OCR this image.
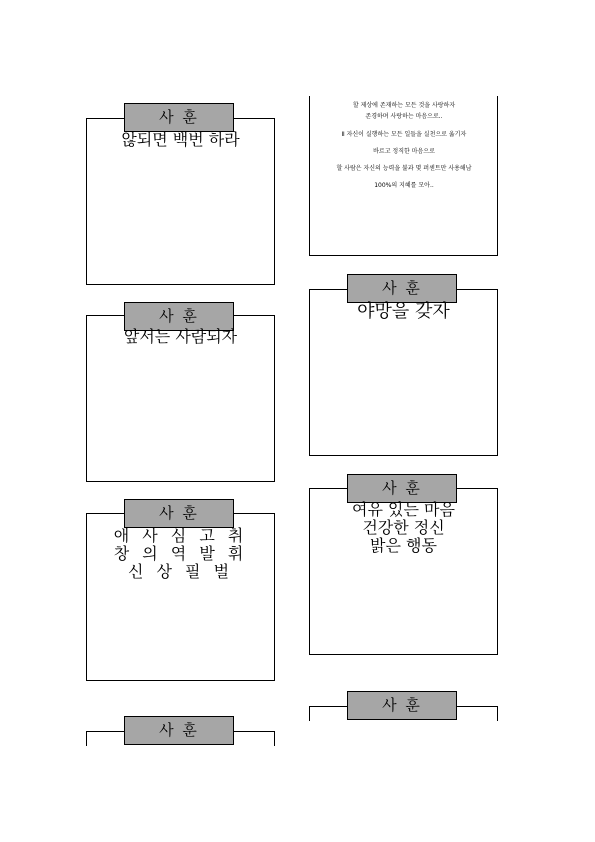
사 훈
않되면 백번 하라
사 훈
앞서는 사람되자
사 훈
애 사 심 고 취
창 의 역 발 휘
신 상 필 벌
사 훈
할 제상에 존재하는 모든 것을 사랑하자
존경하며 사랑하는 마음으로..
Ⅱ 자신이 실행하는 모든 일들을 실천으로 옮기자
바르고 정직한 마음으로
할 사람은 자신의 능력을 불과 몇 퍼센트만 사용해남
100%의 지혜를 모아..
사 훈
야망을 갖자
사 훈
여유 있는 마음
건강한 정신
밝은 행동
사 훈
